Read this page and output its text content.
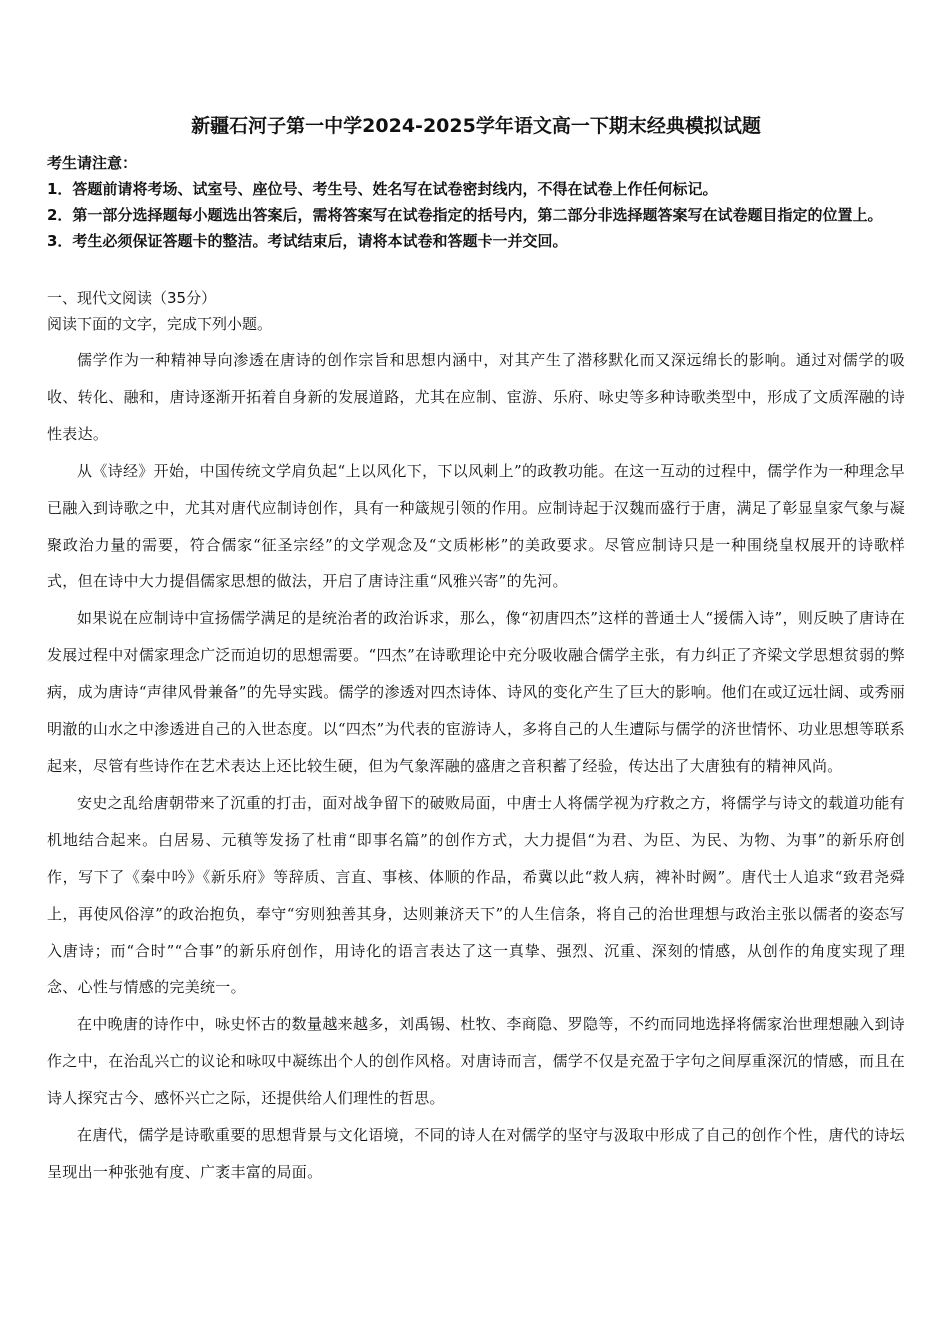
新疆石河子第一中学2024-2025学年语文高一下期末经典模拟试题

考生请注意：

1．答题前请将考场、试室号、座位号、考生号、姓名写在试卷密封线内，不得在试卷上作任何标记。

2．第一部分选择题每小题选出答案后，需将答案写在试卷指定的括号内，第二部分非选择题答案写在试卷题目指定的位置上。

3．考生必须保证答题卡的整洁。考试结束后，请将本试卷和答题卡一并交回。

一、现代文阅读（35分）

阅读下面的文字，完成下列小题。

儒学作为一种精神导向渗透在唐诗的创作宗旨和思想内涵中，对其产生了潜移默化而又深远绵长的影响。通过对儒学的吸收、转化、融和，唐诗逐渐开拓着自身新的发展道路，尤其在应制、宦游、乐府、咏史等多种诗歌类型中，形成了文质浑融的诗性表达。

从《诗经》开始，中国传统文学肩负起“上以风化下，下以风刺上”的政教功能。在这一互动的过程中，儒学作为一种理念早已融入到诗歌之中，尤其对唐代应制诗创作，具有一种箴规引领的作用。应制诗起于汉魏而盛行于唐，满足了彰显皇家气象与凝聚政治力量的需要，符合儒家“征圣宗经”的文学观念及“文质彬彬”的美政要求。尽管应制诗只是一种围绕皇权展开的诗歌样式，但在诗中大力提倡儒家思想的做法，开启了唐诗注重“风雅兴寄”的先河。

如果说在应制诗中宣扬儒学满足的是统治者的政治诉求，那么，像“初唐四杰”这样的普通士人“援儒入诗”，则反映了唐诗在发展过程中对儒家理念广泛而迫切的思想需要。“四杰”在诗歌理论中充分吸收融合儒学主张，有力纠正了齐梁文学思想贫弱的弊病，成为唐诗“声律风骨兼备”的先导实践。儒学的渗透对四杰诗体、诗风的变化产生了巨大的影响。他们在或辽远壮阔、或秀丽明澈的山水之中渗透进自己的入世态度。以“四杰”为代表的宦游诗人，多将自己的人生遭际与儒学的济世情怀、功业思想等联系起来，尽管有些诗作在艺术表达上还比较生硬，但为气象浑融的盛唐之音积蓄了经验，传达出了大唐独有的精神风尚。

安史之乱给唐朝带来了沉重的打击，面对战争留下的破败局面，中唐士人将儒学视为疗救之方，将儒学与诗文的载道功能有机地结合起来。白居易、元稹等发扬了杜甫“即事名篇”的创作方式，大力提倡“为君、为臣、为民、为物、为事”的新乐府创作，写下了《秦中吟》《新乐府》等辞质、言直、事核、体顺的作品，希冀以此“救人病，裨补时阙”。唐代士人追求“致君尧舜上，再使风俗淳”的政治抱负，奉守“穷则独善其身，达则兼济天下”的人生信条，将自己的治世理想与政治主张以儒者的姿态写入唐诗；而“合时”“合事”的新乐府创作，用诗化的语言表达了这一真挚、强烈、沉重、深刻的情感，从创作的角度实现了理念、心性与情感的完美统一。

在中晚唐的诗作中，咏史怀古的数量越来越多，刘禹锡、杜牧、李商隐、罗隐等，不约而同地选择将儒家治世理想融入到诗作之中，在治乱兴亡的议论和咏叹中凝练出个人的创作风格。对唐诗而言，儒学不仅是充盈于字句之间厚重深沉的情感，而且在诗人探究古今、感怀兴亡之际，还提供给人们理性的哲思。

在唐代，儒学是诗歌重要的思想背景与文化语境，不同的诗人在对儒学的坚守与汲取中形成了自己的创作个性，唐代的诗坛呈现出一种张弛有度、广袤丰富的局面。
